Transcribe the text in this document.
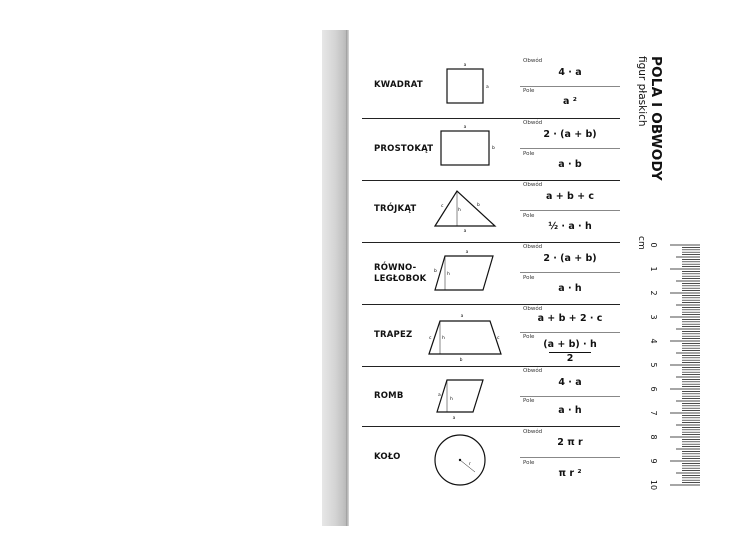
KWADRAT
a
a
Obwód
4 · a
Pole
a ²
PROSTOKĄT
a
b
Obwód
2 · (a + b)
Pole
a · b
TRÓJKĄT
a
b
c
h
Obwód
a + b + c
Pole
½ · a · h
RÓWNO-
LEGŁOBOK
a
b
h
Obwód
2 · (a + b)
Pole
a · h
TRAPEZ
a
b
c	c
h
Obwód
a + b + 2 · c
Pole
(a + b) · h
2
ROMB	a
a
h
Obwód
4 · a
Pole
a · h
KOŁO
r
Obwód
2 π r
Pole
π r ²
POLA I OBWODY
figur płaskich
cm 0
1
2
3
4
5
6
7
8
9
10
